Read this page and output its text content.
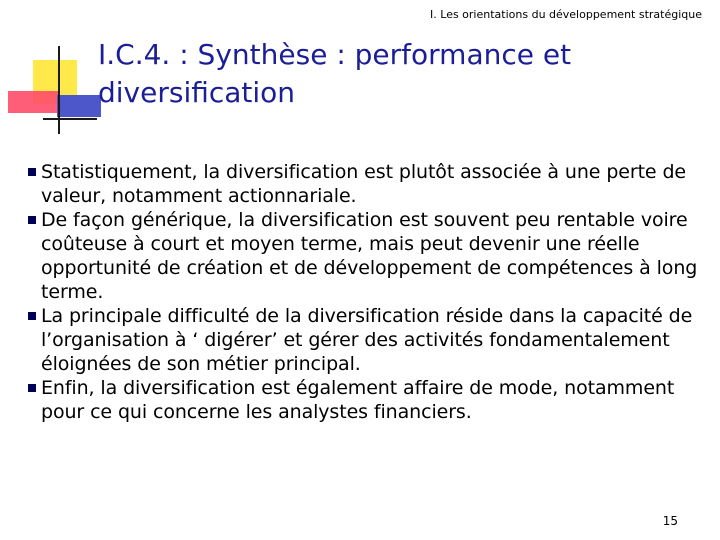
I. Les orientations du développement stratégique
I.C.4. : Synthèse : performance et diversification
Statistiquement, la diversification est plutôt associée à une perte de valeur, notamment actionnariale.
De façon générique, la diversification est souvent peu rentable voire coûteuse à court et moyen terme, mais peut devenir une réelle opportunité de création et de développement de compétences à long terme.
La principale difficulté de la diversification réside dans la capacité de l’organisation à ‘ digérer’ et gérer des activités fondamentalement éloignées de son métier principal.
Enfin, la diversification est également affaire de mode, notamment pour ce qui concerne les analystes financiers.
15
